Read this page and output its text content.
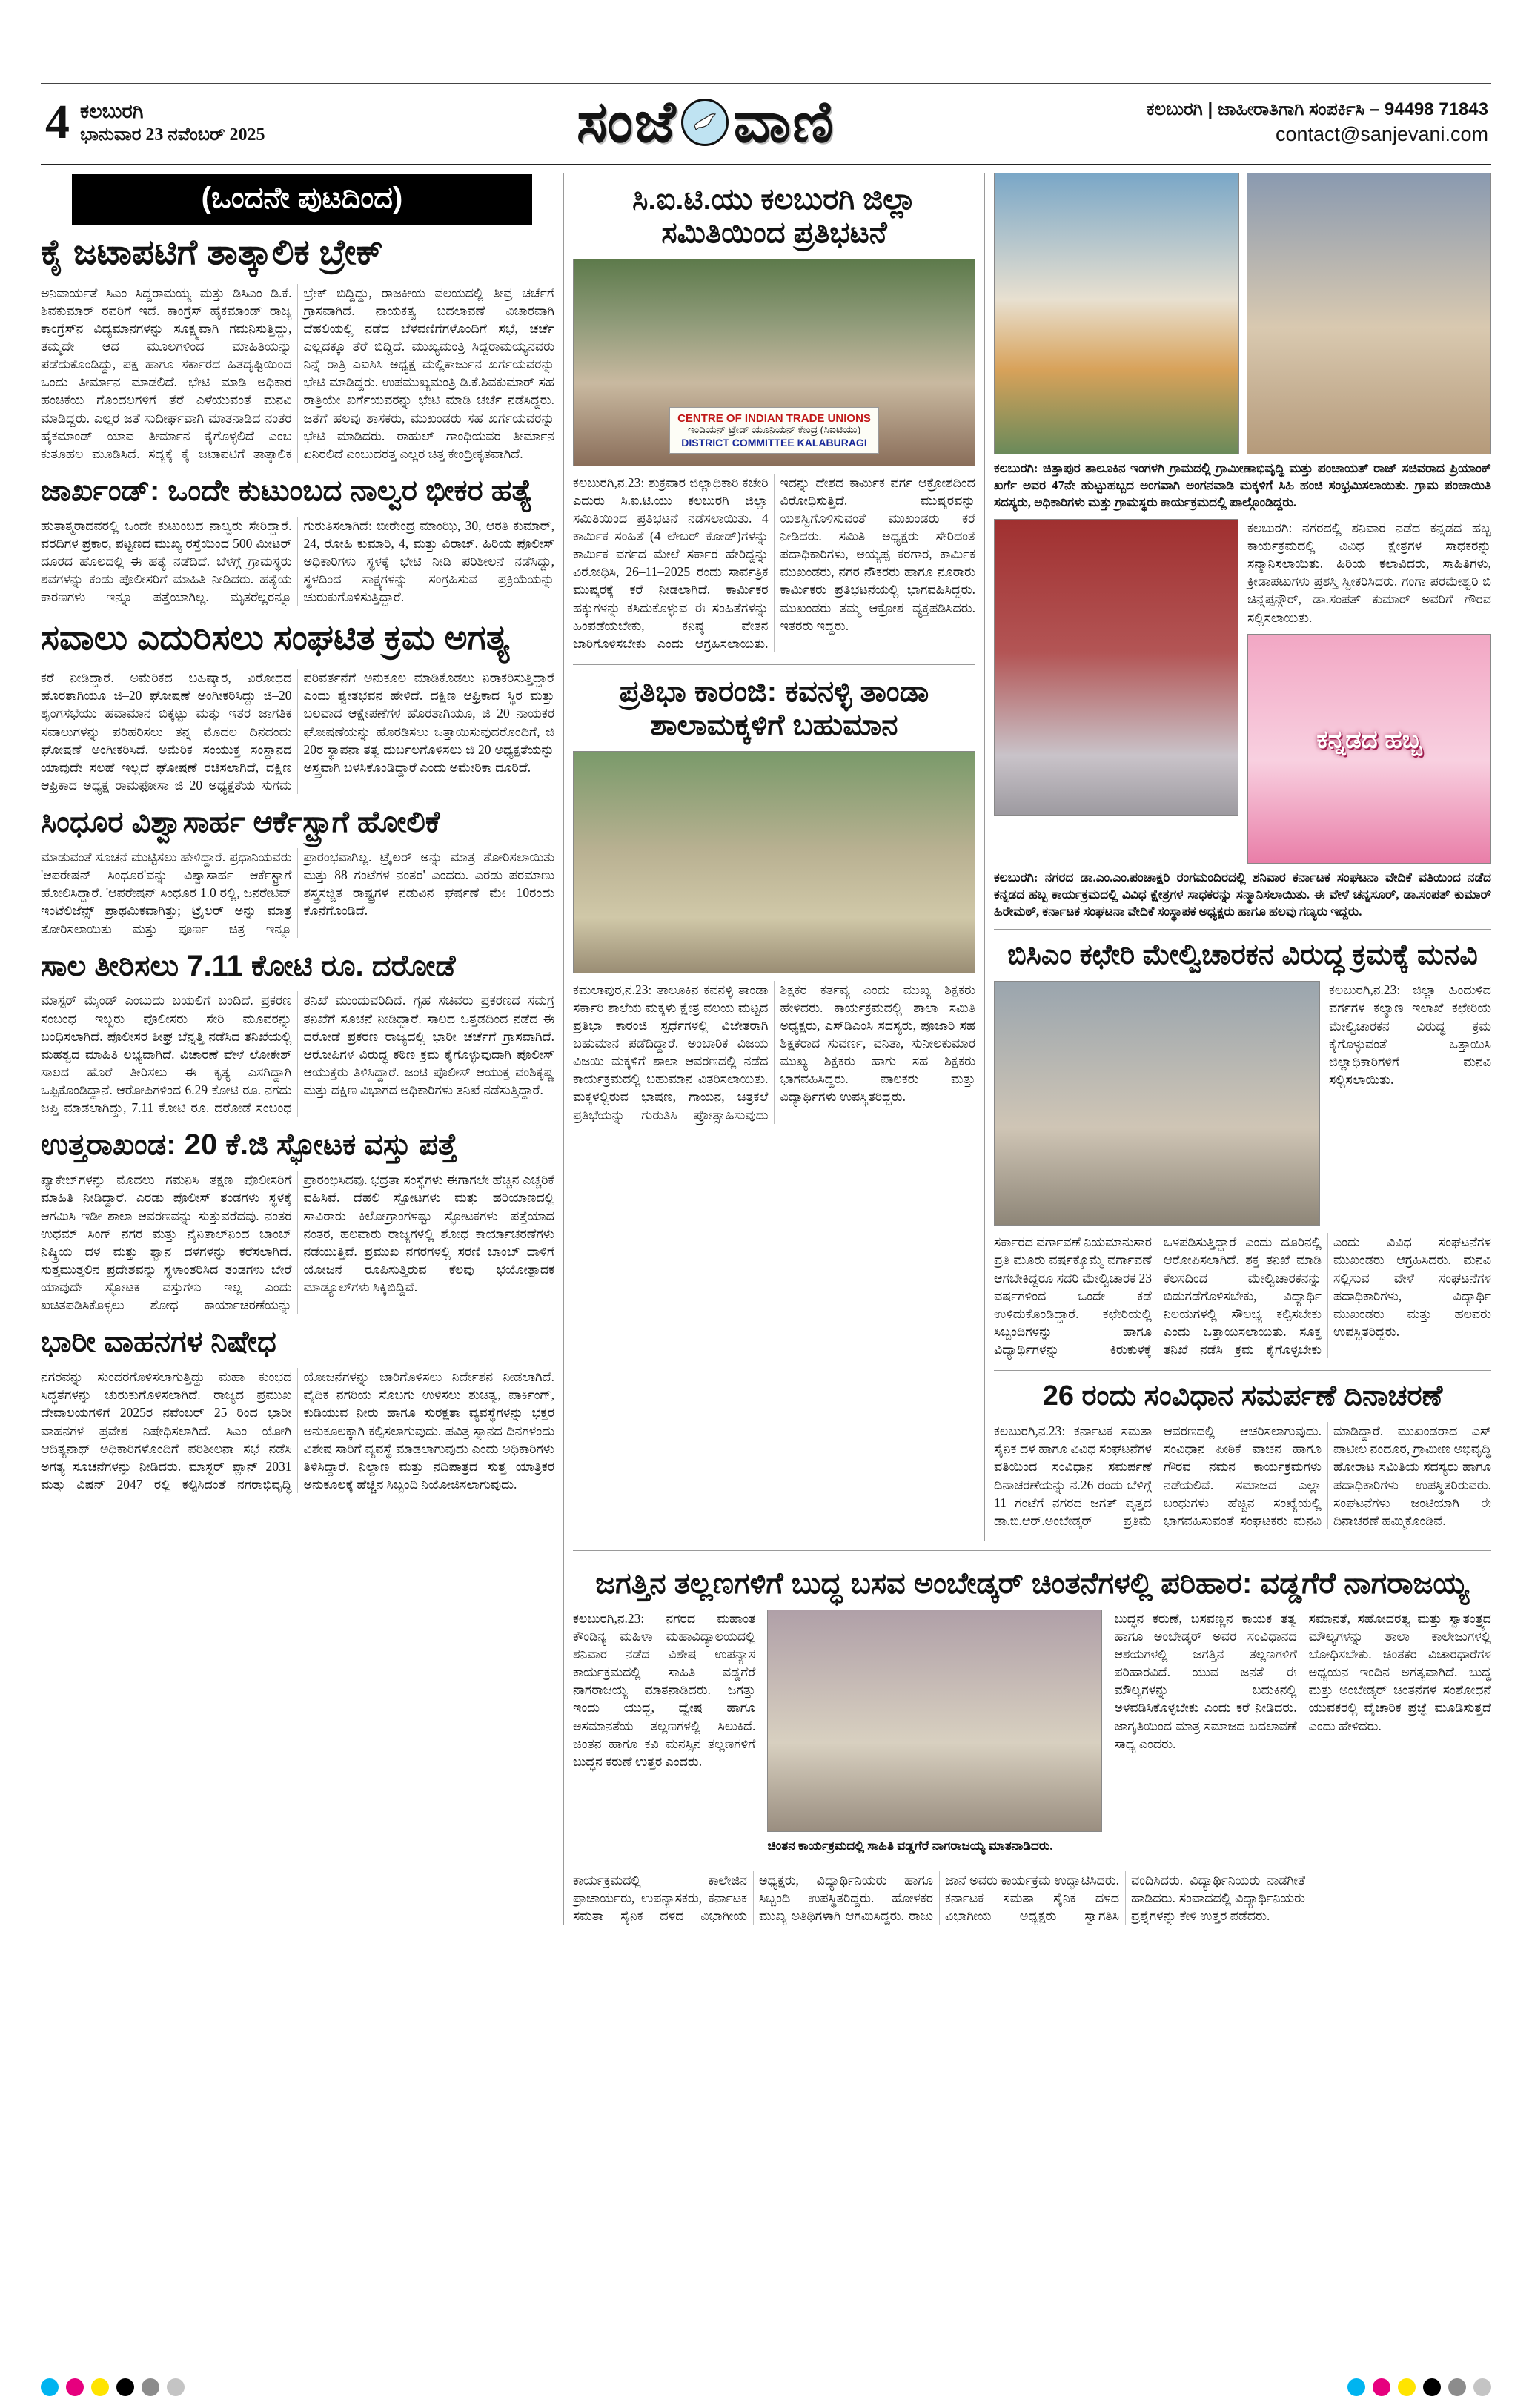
4 ಕಲಬುರಗಿ
ಭಾನುವಾರ 23 ನವೆಂಬರ್ 2025	ಸಂಜೆ ವಾಣಿ	ಕಲಬುರಗಿ | ಜಾಹೀರಾತಿಗಾಗಿ ಸಂಪರ್ಕಿಸಿ – 94498 71843
contact@sanjevani.com
(ಒಂದನೇ ಪುಟದಿಂದ)
ಕೈ ಜಟಾಪಟಿಗೆ ತಾತ್ಕಾಲಿಕ ಬ್ರೇಕ್
ಅನಿವಾರ್ಯತೆ ಸಿಎಂ ಸಿದ್ದರಾಮಯ್ಯ ಮತ್ತು ಡಿಸಿಎಂ ಡಿ.ಕೆ. ಶಿವಕುಮಾರ್ ರವರಿಗೆ ಇದೆ. ಕಾಂಗ್ರೆಸ್ ಹೈಕಮಾಂಡ್ ರಾಜ್ಯ ಕಾಂಗ್ರೆಸ್‌ನ ವಿದ್ಯಮಾನಗಳನ್ನು ಸೂಕ್ಷ್ಮವಾಗಿ ಗಮನಿಸುತ್ತಿದ್ದು, ತಮ್ಮದೇ ಆದ ಮೂಲಗಳಿಂದ ಮಾಹಿತಿಯನ್ನು ಪಡೆದುಕೊಂಡಿದ್ದು, ಪಕ್ಷ ಹಾಗೂ ಸರ್ಕಾರದ ಹಿತದೃಷ್ಟಿಯಿಂದ ಒಂದು ತೀರ್ಮಾನ ಮಾಡಲಿದೆ. ಭೇಟಿ ಮಾಡಿ ಅಧಿಕಾರ ಹಂಚಿಕೆಯ ಗೊಂದಲಗಳಿಗೆ ತೆರೆ ಎಳೆಯುವಂತೆ ಮನವಿ ಮಾಡಿದ್ದರು. ಎಲ್ಲರ ಜತೆ ಸುದೀರ್ಘವಾಗಿ ಮಾತನಾಡಿದ ನಂತರ ಹೈಕಮಾಂಡ್ ಯಾವ ತೀರ್ಮಾನ ಕೈಗೊಳ್ಳಲಿದೆ ಎಂಬ ಕುತೂಹಲ ಮೂಡಿಸಿದೆ. ಸದ್ಯಕ್ಕೆ ಕೈ ಜಟಾಪಟಿಗೆ ತಾತ್ಕಾಲಿಕ ಬ್ರೇಕ್ ಬಿದ್ದಿದ್ದು, ರಾಜಕೀಯ ವಲಯದಲ್ಲಿ ತೀವ್ರ ಚರ್ಚೆಗೆ ಗ್ರಾಸವಾಗಿದೆ. ನಾಯಕತ್ವ ಬದಲಾವಣೆ ವಿಚಾರವಾಗಿ ದೆಹಲಿಯಲ್ಲಿ ನಡೆದ ಬೆಳವಣಿಗೆಗಳೊಂದಿಗೆ ಸಭೆ, ಚರ್ಚೆ ಎಲ್ಲದಕ್ಕೂ ತೆರೆ ಬಿದ್ದಿದೆ. ಮುಖ್ಯಮಂತ್ರಿ ಸಿದ್ದರಾಮಯ್ಯನವರು ನಿನ್ನೆ ರಾತ್ರಿ ಎಐಸಿಸಿ ಅಧ್ಯಕ್ಷ ಮಲ್ಲಿಕಾರ್ಜುನ ಖರ್ಗೆಯವರನ್ನು ಭೇಟಿ ಮಾಡಿದ್ದರು. ಉಪಮುಖ್ಯಮಂತ್ರಿ ಡಿ.ಕೆ.ಶಿವಕುಮಾರ್ ಸಹ ರಾತ್ರಿಯೇ ಖರ್ಗೆಯವರನ್ನು ಭೇಟಿ ಮಾಡಿ ಚರ್ಚೆ ನಡೆಸಿದ್ದರು. ಜತೆಗೆ ಹಲವು ಶಾಸಕರು, ಮುಖಂಡರು ಸಹ ಖರ್ಗೆಯವರನ್ನು ಭೇಟಿ ಮಾಡಿದರು. ರಾಹುಲ್ ಗಾಂಧಿಯವರ ತೀರ್ಮಾನ ಏನಿರಲಿದೆ ಎಂಬುದರತ್ತ ಎಲ್ಲರ ಚಿತ್ತ ಕೇಂದ್ರೀಕೃತವಾಗಿದೆ.
ಜಾರ್ಖಂಡ್: ಒಂದೇ ಕುಟುಂಬದ ನಾಲ್ವರ ಭೀಕರ ಹತ್ಯೆ
ಹುತಾತ್ಮರಾದವರಲ್ಲಿ ಒಂದೇ ಕುಟುಂಬದ ನಾಲ್ವರು ಸೇರಿದ್ದಾರೆ. ವರದಿಗಳ ಪ್ರಕಾರ, ಪಟ್ಟಣದ ಮುಖ್ಯ ರಸ್ತೆಯಿಂದ 500 ಮೀಟರ್ ದೂರದ ಹೊಲದಲ್ಲಿ ಈ ಹತ್ಯೆ ನಡೆದಿದೆ. ಬೆಳಗ್ಗೆ ಗ್ರಾಮಸ್ಥರು ಶವಗಳನ್ನು ಕಂಡು ಪೊಲೀಸರಿಗೆ ಮಾಹಿತಿ ನೀಡಿದರು. ಹತ್ಯೆಯ ಕಾರಣಗಳು ಇನ್ನೂ ಪತ್ತೆಯಾಗಿಲ್ಲ. ಮೃತರೆಲ್ಲರನ್ನೂ ಗುರುತಿಸಲಾಗಿದೆ: ಬೀರೇಂದ್ರ ಮಾಂಝಿ, 30, ಆರತಿ ಕುಮಾರ್, 24, ರೋಹಿ ಕುಮಾರಿ, 4, ಮತ್ತು ವಿರಾಜ್. ಹಿರಿಯ ಪೊಲೀಸ್ ಅಧಿಕಾರಿಗಳು ಸ್ಥಳಕ್ಕೆ ಭೇಟಿ ನೀಡಿ ಪರಿಶೀಲನೆ ನಡೆಸಿದ್ದು, ಸ್ಥಳದಿಂದ ಸಾಕ್ಷ್ಯಗಳನ್ನು ಸಂಗ್ರಹಿಸುವ ಪ್ರಕ್ರಿಯೆಯನ್ನು ಚುರುಕುಗೊಳಿಸುತ್ತಿದ್ದಾರೆ.
ಸವಾಲು ಎದುರಿಸಲು ಸಂಘಟಿತ ಕ್ರಮ ಅಗತ್ಯ
ಕರೆ ನೀಡಿದ್ದಾರೆ. ಅಮೆರಿಕದ ಬಹಿಷ್ಕಾರ, ವಿರೋಧದ ಹೊರತಾಗಿಯೂ ಜಿ–20 ಘೋಷಣೆ ಅಂಗೀಕರಿಸಿದ್ದು ಜಿ–20 ಶೃಂಗಸಭೆಯು ಹವಾಮಾನ ಬಿಕ್ಕಟ್ಟು ಮತ್ತು ಇತರ ಜಾಗತಿಕ ಸವಾಲುಗಳನ್ನು ಪರಿಹರಿಸಲು ತನ್ನ ಮೊದಲ ದಿನದಂದು ಘೋಷಣೆ ಅಂಗೀಕರಿಸಿದೆ. ಅಮೆರಿಕ ಸಂಯುಕ್ತ ಸಂಸ್ಥಾನದ ಯಾವುದೇ ಸಲಹೆ ಇಲ್ಲದೆ ಘೋಷಣೆ ರಚಿಸಲಾಗಿದೆ, ದಕ್ಷಿಣ ಆಫ್ರಿಕಾದ ಅಧ್ಯಕ್ಷ ರಾಮಫೋಸಾ ಜಿ 20 ಅಧ್ಯಕ್ಷತೆಯ ಸುಗಮ ಪರಿವರ್ತನೆಗೆ ಅನುಕೂಲ ಮಾಡಿಕೊಡಲು ನಿರಾಕರಿಸುತ್ತಿದ್ದಾರೆ ಎಂದು ಶ್ವೇತಭವನ ಹೇಳಿದೆ. ದಕ್ಷಿಣ ಆಫ್ರಿಕಾದ ಸ್ಥಿರ ಮತ್ತು ಬಲವಾದ ಆಕ್ಷೇಪಣೆಗಳ ಹೊರತಾಗಿಯೂ, ಜಿ 20 ನಾಯಕರ ಘೋಷಣೆಯನ್ನು ಹೊರಡಿಸಲು ಒತ್ತಾಯಿಸುವುದರೊಂದಿಗೆ, ಜಿ 20ರ ಸ್ಥಾಪನಾ ತತ್ವ ದುರ್ಬಲಗೊಳಿಸಲು ಜಿ 20 ಅಧ್ಯಕ್ಷತೆಯನ್ನು ಅಸ್ತ್ರವಾಗಿ ಬಳಸಿಕೊಂಡಿದ್ದಾರೆ ಎಂದು ಅಮೇರಿಕಾ ದೂರಿದೆ.
ಸಿಂಧೂರ ವಿಶ್ವಾಸಾರ್ಹ ಆರ್ಕೆಸ್ಟ್ರಾಗೆ ಹೋಲಿಕೆ
ಮಾಡುವಂತೆ ಸೂಚನೆ ಮುಟ್ಟಿಸಲು ಹೇಳಿದ್ದಾರೆ. ಪ್ರಧಾನಿಯವರು 'ಆಪರೇಷನ್ ಸಿಂಧೂರ'ವನ್ನು ವಿಶ್ವಾಸಾರ್ಹ ಆರ್ಕೆಸ್ಟ್ರಾಗೆ ಹೋಲಿಸಿದ್ದಾರೆ. 'ಆಪರೇಷನ್ ಸಿಂಧೂರ 1.0 ರಲ್ಲಿ, ಜನರೇಟಿವ್ ಇಂಟೆಲಿಜೆನ್ಸ್ ಪ್ರಾಥಮಿಕವಾಗಿತ್ತು; ಟ್ರೈಲರ್ ಅನ್ನು ಮಾತ್ರ ತೋರಿಸಲಾಯಿತು ಮತ್ತು ಪೂರ್ಣ ಚಿತ್ರ ಇನ್ನೂ ಪ್ರಾರಂಭವಾಗಿಲ್ಲ. ಟ್ರೈಲರ್ ಅನ್ನು ಮಾತ್ರ ತೋರಿಸಲಾಯಿತು ಮತ್ತು 88 ಗಂಟೆಗಳ ನಂತರ' ಎಂದರು. ಎರಡು ಪರಮಾಣು ಶಸ್ತ್ರಸಜ್ಜಿತ ರಾಷ್ಟ್ರಗಳ ನಡುವಿನ ಘರ್ಷಣೆ ಮೇ 10ರಂದು ಕೊನೆಗೊಂಡಿದೆ.
ಸಾಲ ತೀರಿಸಲು 7.11 ಕೋಟಿ ರೂ. ದರೋಡೆ
ಮಾಸ್ಟರ್ ಮೈಂಡ್ ಎಂಬುದು ಬಯಲಿಗೆ ಬಂದಿದೆ. ಪ್ರಕರಣ ಸಂಬಂಧ ಇಬ್ಬರು ಪೊಲೀಸರು ಸೇರಿ ಮೂವರನ್ನು ಬಂಧಿಸಲಾಗಿದೆ. ಪೊಲೀಸರ ಶೀಘ್ರ ಬೆನ್ನತ್ತಿ ನಡೆಸಿದ ತನಿಖೆಯಲ್ಲಿ ಮಹತ್ವದ ಮಾಹಿತಿ ಲಭ್ಯವಾಗಿದೆ. ವಿಚಾರಣೆ ವೇಳೆ ಲೋಕೇಶ್ ಸಾಲದ ಹೊರೆ ತೀರಿಸಲು ಈ ಕೃತ್ಯ ಎಸಗಿದ್ದಾಗಿ ಒಪ್ಪಿಕೊಂಡಿದ್ದಾನೆ. ಆರೋಪಿಗಳಿಂದ 6.29 ಕೋಟಿ ರೂ. ನಗದು ಜಪ್ತಿ ಮಾಡಲಾಗಿದ್ದು, 7.11 ಕೋಟಿ ರೂ. ದರೋಡೆ ಸಂಬಂಧ ತನಿಖೆ ಮುಂದುವರಿದಿದೆ. ಗೃಹ ಸಚಿವರು ಪ್ರಕರಣದ ಸಮಗ್ರ ತನಿಖೆಗೆ ಸೂಚನೆ ನೀಡಿದ್ದಾರೆ. ಸಾಲದ ಒತ್ತಡದಿಂದ ನಡೆದ ಈ ದರೋಡೆ ಪ್ರಕರಣ ರಾಜ್ಯದಲ್ಲಿ ಭಾರೀ ಚರ್ಚೆಗೆ ಗ್ರಾಸವಾಗಿದೆ. ಆರೋಪಿಗಳ ವಿರುದ್ಧ ಕಠಿಣ ಕ್ರಮ ಕೈಗೊಳ್ಳುವುದಾಗಿ ಪೊಲೀಸ್ ಆಯುಕ್ತರು ತಿಳಿಸಿದ್ದಾರೆ. ಜಂಟಿ ಪೊಲೀಸ್ ಆಯುಕ್ತ ವಂಶಿಕೃಷ್ಣ ಮತ್ತು ದಕ್ಷಿಣ ವಿಭಾಗದ ಅಧಿಕಾರಿಗಳು ತನಿಖೆ ನಡೆಸುತ್ತಿದ್ದಾರೆ.
ಉತ್ತರಾಖಂಡ: 20 ಕೆ.ಜಿ ಸ್ಫೋಟಕ ವಸ್ತು ಪತ್ತೆ
ಪ್ಯಾಕೇಜ್‌ಗಳನ್ನು ಮೊದಲು ಗಮನಿಸಿ ತಕ್ಷಣ ಪೊಲೀಸರಿಗೆ ಮಾಹಿತಿ ನೀಡಿದ್ದಾರೆ. ಎರಡು ಪೊಲೀಸ್ ತಂಡಗಳು ಸ್ಥಳಕ್ಕೆ ಆಗಮಿಸಿ ಇಡೀ ಶಾಲಾ ಆವರಣವನ್ನು ಸುತ್ತುವರೆದವು. ನಂತರ ಉಧಮ್ ಸಿಂಗ್ ನಗರ ಮತ್ತು ನೈನಿತಾಲ್‌ನಿಂದ ಬಾಂಬ್ ನಿಷ್ಕ್ರಿಯ ದಳ ಮತ್ತು ಶ್ವಾನ ದಳಗಳನ್ನು ಕರೆಸಲಾಗಿದೆ. ಸುತ್ತಮುತ್ತಲಿನ ಪ್ರದೇಶವನ್ನು ಸ್ಥಳಾಂತರಿಸಿದ ತಂಡಗಳು ಬೇರೆ ಯಾವುದೇ ಸ್ಫೋಟಕ ವಸ್ತುಗಳು ಇಲ್ಲ ಎಂದು ಖಚಿತಪಡಿಸಿಕೊಳ್ಳಲು ಶೋಧ ಕಾರ್ಯಾಚರಣೆಯನ್ನು ಪ್ರಾರಂಭಿಸಿದವು. ಭದ್ರತಾ ಸಂಸ್ಥೆಗಳು ಈಗಾಗಲೇ ಹೆಚ್ಚಿನ ಎಚ್ಚರಿಕೆ ವಹಿಸಿವೆ. ದೆಹಲಿ ಸ್ಫೋಟಗಳು ಮತ್ತು ಹರಿಯಾಣದಲ್ಲಿ ಸಾವಿರಾರು ಕಿಲೋಗ್ರಾಂಗಳಷ್ಟು ಸ್ಫೋಟಕಗಳು ಪತ್ತೆಯಾದ ನಂತರ, ಹಲವಾರು ರಾಜ್ಯಗಳಲ್ಲಿ ಶೋಧ ಕಾರ್ಯಾಚರಣೆಗಳು ನಡೆಯುತ್ತಿವೆ. ಪ್ರಮುಖ ನಗರಗಳಲ್ಲಿ ಸರಣಿ ಬಾಂಬ್ ದಾಳಿಗೆ ಯೋಜನೆ ರೂಪಿಸುತ್ತಿರುವ ಕೆಲವು ಭಯೋತ್ಪಾದಕ ಮಾಡ್ಯೂಲ್‌ಗಳು ಸಿಕ್ಕಿಬಿದ್ದಿವೆ.
ಭಾರೀ ವಾಹನಗಳ ನಿಷೇಧ
ನಗರವನ್ನು ಸುಂದರಗೊಳಿಸಲಾಗುತ್ತಿದ್ದು ಮಹಾ ಕುಂಭದ ಸಿದ್ಧತೆಗಳನ್ನು ಚುರುಕುಗೊಳಿಸಲಾಗಿದೆ. ರಾಜ್ಯದ ಪ್ರಮುಖ ದೇವಾಲಯಗಳಿಗೆ 2025ರ ನವೆಂಬರ್ 25 ರಿಂದ ಭಾರೀ ವಾಹನಗಳ ಪ್ರವೇಶ ನಿಷೇಧಿಸಲಾಗಿದೆ. ಸಿಎಂ ಯೋಗಿ ಆದಿತ್ಯನಾಥ್ ಅಧಿಕಾರಿಗಳೊಂದಿಗೆ ಪರಿಶೀಲನಾ ಸಭೆ ನಡೆಸಿ ಅಗತ್ಯ ಸೂಚನೆಗಳನ್ನು ನೀಡಿದರು. ಮಾಸ್ಟರ್ ಪ್ಲಾನ್ 2031 ಮತ್ತು ವಿಷನ್ 2047 ರಲ್ಲಿ ಕಲ್ಪಿಸಿದಂತೆ ನಗರಾಭಿವೃದ್ಧಿ ಯೋಜನೆಗಳನ್ನು ಜಾರಿಗೊಳಿಸಲು ನಿರ್ದೇಶನ ನೀಡಲಾಗಿದೆ. ವೈದಿಕ ನಗರಿಯ ಸೊಬಗು ಉಳಿಸಲು ಶುಚಿತ್ವ, ಪಾರ್ಕಿಂಗ್, ಕುಡಿಯುವ ನೀರು ಹಾಗೂ ಸುರಕ್ಷತಾ ವ್ಯವಸ್ಥೆಗಳನ್ನು ಭಕ್ತರ ಅನುಕೂಲಕ್ಕಾಗಿ ಕಲ್ಪಿಸಲಾಗುವುದು. ಪವಿತ್ರ ಸ್ನಾನದ ದಿನಗಳಂದು ವಿಶೇಷ ಸಾರಿಗೆ ವ್ಯವಸ್ಥೆ ಮಾಡಲಾಗುವುದು ಎಂದು ಅಧಿಕಾರಿಗಳು ತಿಳಿಸಿದ್ದಾರೆ. ನಿಲ್ದಾಣ ಮತ್ತು ನದಿಪಾತ್ರದ ಸುತ್ತ ಯಾತ್ರಿಕರ ಅನುಕೂಲಕ್ಕೆ ಹೆಚ್ಚಿನ ಸಿಬ್ಬಂದಿ ನಿಯೋಜಿಸಲಾಗುವುದು.
ಸಿ.ಐ.ಟಿ.ಯು ಕಲಬುರಗಿ ಜಿಲ್ಲಾ ಸಮಿತಿಯಿಂದ ಪ್ರತಿಭಟನೆ
CENTRE OF INDIAN TRADE UNIONS
ಇಂಡಿಯನ್ ಟ್ರೇಡ್ ಯೂನಿಯನ್ ಕೇಂದ್ರ (ಸಿಐಟಿಯು)
DISTRICT COMMITTEE KALABURAGI
ಕಲಬುರಗಿ,ನ.23: ಶುಕ್ರವಾರ ಜಿಲ್ಲಾಧಿಕಾರಿ ಕಚೇರಿ ಎದುರು ಸಿ.ಐ.ಟಿ.ಯು ಕಲಬುರಗಿ ಜಿಲ್ಲಾ ಸಮಿತಿಯಿಂದ ಪ್ರತಿಭಟನೆ ನಡೆಸಲಾಯಿತು. 4 ಕಾರ್ಮಿಕ ಸಂಹಿತೆ (4 ಲೇಬರ್ ಕೋಡ್)ಗಳನ್ನು ಕಾರ್ಮಿಕ ವರ್ಗದ ಮೇಲೆ ಸರ್ಕಾರ ಹೇರಿದ್ದನ್ನು ವಿರೋಧಿಸಿ, 26–11–2025 ರಂದು ಸಾರ್ವತ್ರಿಕ ಮುಷ್ಕರಕ್ಕೆ ಕರೆ ನೀಡಲಾಗಿದೆ. ಕಾರ್ಮಿಕರ ಹಕ್ಕುಗಳನ್ನು ಕಸಿದುಕೊಳ್ಳುವ ಈ ಸಂಹಿತೆಗಳನ್ನು ಹಿಂಪಡೆಯಬೇಕು, ಕನಿಷ್ಠ ವೇತನ ಜಾರಿಗೊಳಿಸಬೇಕು ಎಂದು ಆಗ್ರಹಿಸಲಾಯಿತು. ಇದನ್ನು ದೇಶದ ಕಾರ್ಮಿಕ ವರ್ಗ ಆಕ್ರೋಶದಿಂದ ವಿರೋಧಿಸುತ್ತಿದೆ. ಮುಷ್ಕರವನ್ನು ಯಶಸ್ವಿಗೊಳಿಸುವಂತೆ ಮುಖಂಡರು ಕರೆ ನೀಡಿದರು. ಸಮಿತಿ ಅಧ್ಯಕ್ಷರು ಸೇರಿದಂತೆ ಪದಾಧಿಕಾರಿಗಳು, ಅಯ್ಯಪ್ಪ ಕರಗಾರ, ಕಾರ್ಮಿಕ ಮುಖಂಡರು, ನಗರ ನೌಕರರು ಹಾಗೂ ನೂರಾರು ಕಾರ್ಮಿಕರು ಪ್ರತಿಭಟನೆಯಲ್ಲಿ ಭಾಗವಹಿಸಿದ್ದರು. ಮುಖಂಡರು ತಮ್ಮ ಆಕ್ರೋಶ ವ್ಯಕ್ತಪಡಿಸಿದರು. ಇತರರು ಇದ್ದರು.
ಪ್ರತಿಭಾ ಕಾರಂಜಿ: ಕವನಳ್ಳಿ ತಾಂಡಾ ಶಾಲಾಮಕ್ಕಳಿಗೆ ಬಹುಮಾನ
ಕಮಲಾಪುರ,ನ.23: ತಾಲೂಕಿನ ಕವನಳ್ಳಿ ತಾಂಡಾ ಸರ್ಕಾರಿ ಶಾಲೆಯ ಮಕ್ಕಳು ಕ್ಷೇತ್ರ ವಲಯ ಮಟ್ಟದ ಪ್ರತಿಭಾ ಕಾರಂಜಿ ಸ್ಪರ್ಧೆಗಳಲ್ಲಿ ವಿಜೇತರಾಗಿ ಬಹುಮಾನ ಪಡೆದಿದ್ದಾರೆ. ಅಂಬಾರಿಕ ವಿಜಯ ವಿಜಯಿ ಮಕ್ಕಳಿಗೆ ಶಾಲಾ ಆವರಣದಲ್ಲಿ ನಡೆದ ಕಾರ್ಯಕ್ರಮದಲ್ಲಿ ಬಹುಮಾನ ವಿತರಿಸಲಾಯಿತು. ಮಕ್ಕಳಲ್ಲಿರುವ ಭಾಷಣ, ಗಾಯನ, ಚಿತ್ರಕಲೆ ಪ್ರತಿಭೆಯನ್ನು ಗುರುತಿಸಿ ಪ್ರೋತ್ಸಾಹಿಸುವುದು ಶಿಕ್ಷಕರ ಕರ್ತವ್ಯ ಎಂದು ಮುಖ್ಯ ಶಿಕ್ಷಕರು ಹೇಳಿದರು. ಕಾರ್ಯಕ್ರಮದಲ್ಲಿ ಶಾಲಾ ಸಮಿತಿ ಅಧ್ಯಕ್ಷರು, ಎಸ್‌ಡಿಎಂಸಿ ಸದಸ್ಯರು, ಪೂಜಾರಿ ಸಹ ಶಿಕ್ಷಕರಾದ ಸುವರ್ಣ, ವನಿತಾ, ಸುನೀಲಕುಮಾರ ಮುಖ್ಯ ಶಿಕ್ಷಕರು ಹಾಗು ಸಹ ಶಿಕ್ಷಕರು ಭಾಗವಹಿಸಿದ್ದರು. ಪಾಲಕರು ಮತ್ತು ವಿದ್ಯಾರ್ಥಿಗಳು ಉಪಸ್ಥಿತರಿದ್ದರು.

ಕಲಬುರಗಿ: ಚಿತ್ತಾಪುರ ತಾಲೂಕಿನ ಇಂಗಳಗಿ ಗ್ರಾಮದಲ್ಲಿ ಗ್ರಾಮೀಣಾಭಿವೃದ್ಧಿ ಮತ್ತು ಪಂಚಾಯತ್ ರಾಜ್ ಸಚಿವರಾದ ಪ್ರಿಯಾಂಕ್ ಖರ್ಗೆ ಅವರ 47ನೇ ಹುಟ್ಟುಹಬ್ಬದ ಅಂಗವಾಗಿ ಅಂಗನವಾಡಿ ಮಕ್ಕಳಿಗೆ ಸಿಹಿ ಹಂಚಿ ಸಂಭ್ರಮಿಸಲಾಯಿತು. ಗ್ರಾಮ ಪಂಚಾಯಿತಿ ಸದಸ್ಯರು, ಅಧಿಕಾರಿಗಳು ಮತ್ತು ಗ್ರಾಮಸ್ಥರು ಕಾರ್ಯಕ್ರಮದಲ್ಲಿ ಪಾಲ್ಗೊಂಡಿದ್ದರು.

ಕಲಬುರಗಿ: ನಗರದಲ್ಲಿ ಶನಿವಾರ ನಡೆದ ಕನ್ನಡದ ಹಬ್ಬ ಕಾರ್ಯಕ್ರಮದಲ್ಲಿ ವಿವಿಧ ಕ್ಷೇತ್ರಗಳ ಸಾಧಕರನ್ನು ಸನ್ಮಾನಿಸಲಾಯಿತು. ಹಿರಿಯ ಕಲಾವಿದರು, ಸಾಹಿತಿಗಳು, ಕ್ರೀಡಾಪಟುಗಳು ಪ್ರಶಸ್ತಿ ಸ್ವೀಕರಿಸಿದರು. ಗಂಗಾ ಪರಮೇಶ್ವರಿ ಬಿ ಚಿನ್ನಪ್ಪನ್ಗೌರ್, ಡಾ.ಸಂಪತ್ ಕುಮಾರ್ ಅವರಿಗೆ ಗೌರವ ಸಲ್ಲಿಸಲಾಯಿತು.
ಕನ್ನಡದ ಹಬ್ಬ

ಕಲಬುರಗಿ: ನಗರದ ಡಾ.ಎಂ.ಎಂ.ಪಂಚಾಕ್ಷರಿ ರಂಗಮಂದಿರದಲ್ಲಿ ಶನಿವಾರ ಕರ್ನಾಟಕ ಸಂಘಟನಾ ವೇದಿಕೆ ವತಿಯಿಂದ ನಡೆದ ಕನ್ನಡದ ಹಬ್ಬ ಕಾರ್ಯಕ್ರಮದಲ್ಲಿ ವಿವಿಧ ಕ್ಷೇತ್ರಗಳ ಸಾಧಕರನ್ನು ಸನ್ಮಾನಿಸಲಾಯಿತು. ಈ ವೇಳೆ ಚನ್ನಸೂರ್, ಡಾ.ಸಂಪತ್ ಕುಮಾರ್ ಹಿರೇಮಠ್, ಕರ್ನಾಟಕ ಸಂಘಟನಾ ವೇದಿಕೆ ಸಂಸ್ಥಾಪಕ ಅಧ್ಯಕ್ಷರು ಹಾಗೂ ಹಲವು ಗಣ್ಯರು ಇದ್ದರು.

ಬಿಸಿಎಂ ಕಛೇರಿ ಮೇಲ್ವಿಚಾರಕನ ವಿರುದ್ಧ ಕ್ರಮಕ್ಕೆ ಮನವಿ
ಕಲಬುರಗಿ,ನ.23: ಜಿಲ್ಲಾ ಹಿಂದುಳಿದ ವರ್ಗಗಳ ಕಲ್ಯಾಣ ಇಲಾಖೆ ಕಛೇರಿಯ ಮೇಲ್ವಿಚಾರಕನ ವಿರುದ್ಧ ಕ್ರಮ ಕೈಗೊಳ್ಳುವಂತೆ ಒತ್ತಾಯಿಸಿ ಜಿಲ್ಲಾಧಿಕಾರಿಗಳಿಗೆ ಮನವಿ ಸಲ್ಲಿಸಲಾಯಿತು.
ಸರ್ಕಾರದ ವರ್ಗಾವಣೆ ನಿಯಮಾನುಸಾರ ಪ್ರತಿ ಮೂರು ವರ್ಷಕ್ಕೊಮ್ಮೆ ವರ್ಗಾವಣೆ ಆಗಬೇಕಿದ್ದರೂ ಸದರಿ ಮೇಲ್ವಿಚಾರಕ 23 ವರ್ಷಗಳಿಂದ ಒಂದೇ ಕಡೆ ಉಳಿದುಕೊಂಡಿದ್ದಾರೆ. ಕಛೇರಿಯಲ್ಲಿ ಸಿಬ್ಬಂದಿಗಳನ್ನು ಹಾಗೂ ವಿದ್ಯಾರ್ಥಿಗಳನ್ನು ಕಿರುಕುಳಕ್ಕೆ ಒಳಪಡಿಸುತ್ತಿದ್ದಾರೆ ಎಂದು ದೂರಿನಲ್ಲಿ ಆರೋಪಿಸಲಾಗಿದೆ. ಶಕ್ತ ತನಿಖೆ ಮಾಡಿ ಕೆಲಸದಿಂದ ಮೇಲ್ವಿಚಾರಕನನ್ನು ಬಿಡುಗಡೆಗೊಳಿಸಬೇಕು, ವಿದ್ಯಾರ್ಥಿ ನಿಲಯಗಳಲ್ಲಿ ಸೌಲಭ್ಯ ಕಲ್ಪಿಸಬೇಕು ಎಂದು ಒತ್ತಾಯಿಸಲಾಯಿತು. ಸೂಕ್ತ ತನಿಖೆ ನಡೆಸಿ ಕ್ರಮ ಕೈಗೊಳ್ಳಬೇಕು ಎಂದು ವಿವಿಧ ಸಂಘಟನೆಗಳ ಮುಖಂಡರು ಆಗ್ರಹಿಸಿದರು. ಮನವಿ ಸಲ್ಲಿಸುವ ವೇಳೆ ಸಂಘಟನೆಗಳ ಪದಾಧಿಕಾರಿಗಳು, ವಿದ್ಯಾರ್ಥಿ ಮುಖಂಡರು ಮತ್ತು ಹಲವರು ಉಪಸ್ಥಿತರಿದ್ದರು.
26 ರಂದು ಸಂವಿಧಾನ ಸಮರ್ಪಣೆ ದಿನಾಚರಣೆ
ಕಲಬುರಗಿ,ನ.23: ಕರ್ನಾಟಕ ಸಮತಾ ಸೈನಿಕ ದಳ ಹಾಗೂ ವಿವಿಧ ಸಂಘಟನೆಗಳ ವತಿಯಿಂದ ಸಂವಿಧಾನ ಸಮರ್ಪಣೆ ದಿನಾಚರಣೆಯನ್ನು ನ.26 ರಂದು ಬೆಳಿಗ್ಗೆ 11 ಗಂಟೆಗೆ ನಗರದ ಜಗತ್ ವೃತ್ತದ ಡಾ.ಬಿ.ಆರ್.ಅಂಬೇಡ್ಕರ್ ಪ್ರತಿಮೆ ಆವರಣದಲ್ಲಿ ಆಚರಿಸಲಾಗುವುದು. ಸಂವಿಧಾನ ಪೀಠಿಕೆ ವಾಚನ ಹಾಗೂ ಗೌರವ ನಮನ ಕಾರ್ಯಕ್ರಮಗಳು ನಡೆಯಲಿವೆ. ಸಮಾಜದ ಎಲ್ಲಾ ಬಂಧುಗಳು ಹೆಚ್ಚಿನ ಸಂಖ್ಯೆಯಲ್ಲಿ ಭಾಗವಹಿಸುವಂತೆ ಸಂಘಟಕರು ಮನವಿ ಮಾಡಿದ್ದಾರೆ. ಮುಖಂಡರಾದ ಎಸ್ ಪಾಟೀಲ ನಂದೂರ, ಗ್ರಾಮೀಣ ಅಭಿವೃದ್ಧಿ ಹೋರಾಟ ಸಮಿತಿಯ ಸದಸ್ಯರು ಹಾಗೂ ಪದಾಧಿಕಾರಿಗಳು ಉಪಸ್ಥಿತರಿರುವರು. ಸಂಘಟನೆಗಳು ಜಂಟಿಯಾಗಿ ಈ ದಿನಾಚರಣೆ ಹಮ್ಮಿಕೊಂಡಿವೆ.
ಜಗತ್ತಿನ ತಲ್ಲಣಗಳಿಗೆ ಬುದ್ಧ ಬಸವ ಅಂಬೇಡ್ಕರ್ ಚಿಂತನೆಗಳಲ್ಲಿ ಪರಿಹಾರ: ವಡ್ಡಗೆರೆ ನಾಗರಾಜಯ್ಯ
ಕಲಬುರಗಿ,ನ.23: ನಗರದ ಮಹಾಂತ ಕೌಂಡಿನ್ಯ ಮಹಿಳಾ ಮಹಾವಿದ್ಯಾಲಯದಲ್ಲಿ ಶನಿವಾರ ನಡೆದ ವಿಶೇಷ ಉಪನ್ಯಾಸ ಕಾರ್ಯಕ್ರಮದಲ್ಲಿ ಸಾಹಿತಿ ವಡ್ಡಗೆರೆ ನಾಗರಾಜಯ್ಯ ಮಾತನಾಡಿದರು. ಜಗತ್ತು ಇಂದು ಯುದ್ಧ, ದ್ವೇಷ ಹಾಗೂ ಅಸಮಾನತೆಯ ತಲ್ಲಣಗಳಲ್ಲಿ ಸಿಲುಕಿದೆ. ಚಿಂತನ ಹಾಗೂ ಕವಿ ಮನಸ್ಸಿನ ತಲ್ಲಣಗಳಿಗೆ ಬುದ್ಧನ ಕರುಣೆ ಉತ್ತರ ಎಂದರು.

ಚಿಂತನ ಕಾರ್ಯಕ್ರಮದಲ್ಲಿ ಸಾಹಿತಿ ವಡ್ಡಗೆರೆ ನಾಗರಾಜಯ್ಯ ಮಾತನಾಡಿದರು.

ಬುದ್ಧನ ಕರುಣೆ, ಬಸವಣ್ಣನ ಕಾಯಕ ತತ್ವ ಹಾಗೂ ಅಂಬೇಡ್ಕರ್ ಅವರ ಸಂವಿಧಾನದ ಆಶಯಗಳಲ್ಲಿ ಜಗತ್ತಿನ ತಲ್ಲಣಗಳಿಗೆ ಪರಿಹಾರವಿದೆ. ಯುವ ಜನತೆ ಈ ಮೌಲ್ಯಗಳನ್ನು ಬದುಕಿನಲ್ಲಿ ಅಳವಡಿಸಿಕೊಳ್ಳಬೇಕು ಎಂದು ಕರೆ ನೀಡಿದರು. ಜಾಗೃತಿಯಿಂದ ಮಾತ್ರ ಸಮಾಜದ ಬದಲಾವಣೆ ಸಾಧ್ಯ ಎಂದರು.
ಸಮಾನತೆ, ಸಹೋದರತ್ವ ಮತ್ತು ಸ್ವಾತಂತ್ರ್ಯದ ಮೌಲ್ಯಗಳನ್ನು ಶಾಲಾ ಕಾಲೇಜುಗಳಲ್ಲಿ ಬೋಧಿಸಬೇಕು. ಚಿಂತಕರ ವಿಚಾರಧಾರೆಗಳ ಅಧ್ಯಯನ ಇಂದಿನ ಅಗತ್ಯವಾಗಿದೆ. ಬುದ್ಧ ಮತ್ತು ಅಂಬೇಡ್ಕರ್ ಚಿಂತನೆಗಳ ಸಂಶೋಧನೆ ಯುವಕರಲ್ಲಿ ವೈಚಾರಿಕ ಪ್ರಜ್ಞೆ ಮೂಡಿಸುತ್ತದೆ ಎಂದು ಹೇಳಿದರು.
ಕಾರ್ಯಕ್ರಮದಲ್ಲಿ ಕಾಲೇಜಿನ ಪ್ರಾಚಾರ್ಯರು, ಉಪನ್ಯಾಸಕರು, ಕರ್ನಾಟಕ ಸಮತಾ ಸೈನಿಕ ದಳದ ವಿಭಾಗೀಯ ಅಧ್ಯಕ್ಷರು, ವಿದ್ಯಾರ್ಥಿನಿಯರು ಹಾಗೂ ಸಿಬ್ಬಂದಿ ಉಪಸ್ಥಿತರಿದ್ದರು. ಹೋಳಕರ ಮುಖ್ಯ ಅತಿಥಿಗಳಾಗಿ ಆಗಮಿಸಿದ್ದರು. ರಾಜು ಜಾನೆ ಅವರು ಕಾರ್ಯಕ್ರಮ ಉದ್ಘಾಟಿಸಿದರು. ಕರ್ನಾಟಕ ಸಮತಾ ಸೈನಿಕ ದಳದ ವಿಭಾಗೀಯ ಅಧ್ಯಕ್ಷರು ಸ್ವಾಗತಿಸಿ ವಂದಿಸಿದರು. ವಿದ್ಯಾರ್ಥಿನಿಯರು ನಾಡಗೀತೆ ಹಾಡಿದರು. ಸಂವಾದದಲ್ಲಿ ವಿದ್ಯಾರ್ಥಿನಿಯರು ಪ್ರಶ್ನೆಗಳನ್ನು ಕೇಳಿ ಉತ್ತರ ಪಡೆದರು.
